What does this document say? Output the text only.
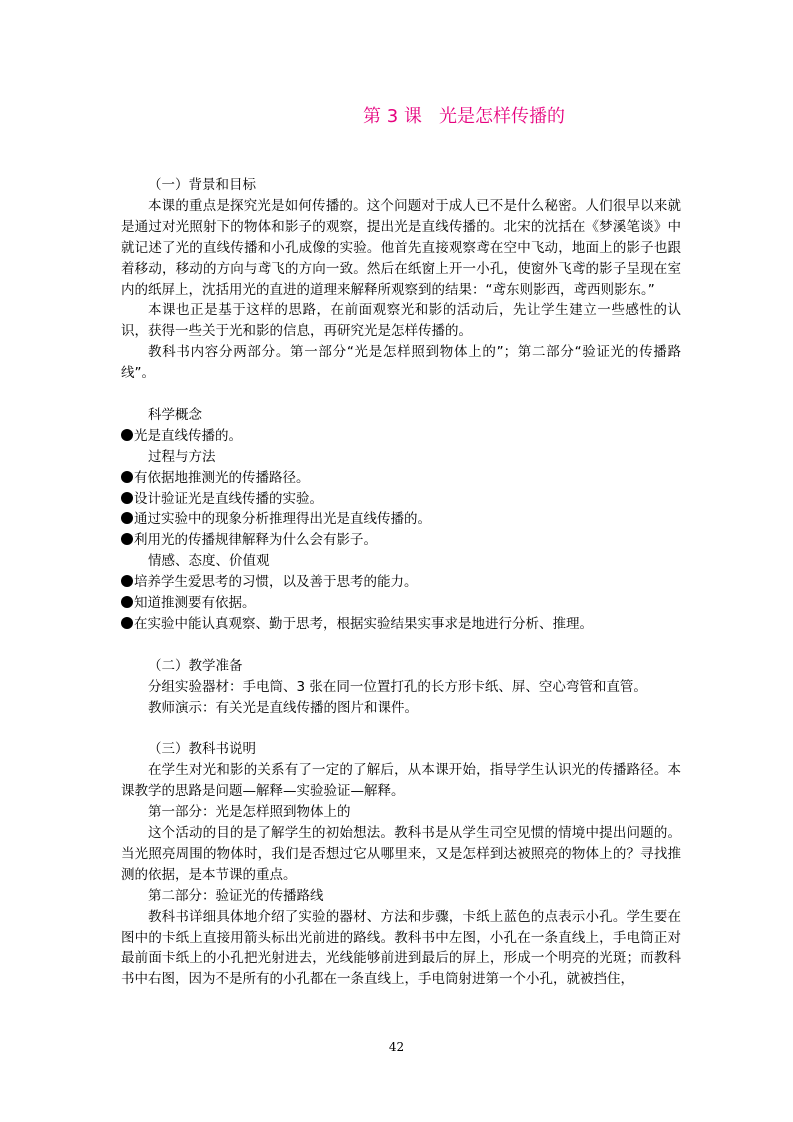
第 3 课   光是怎样传播的

（一）背景和目标

本课的重点是探究光是如何传播的。这个问题对于成人已不是什么秘密。人们很早以来就是通过对光照射下的物体和影子的观察，提出光是直线传播的。北宋的沈括在《梦溪笔谈》中就记述了光的直线传播和小孔成像的实验。他首先直接观察鸢在空中飞动，地面上的影子也跟着移动，移动的方向与鸢飞的方向一致。然后在纸窗上开一小孔，使窗外飞鸢的影子呈现在室内的纸屏上，沈括用光的直进的道理来解释所观察到的结果：“鸢东则影西，鸢西则影东。”

本课也正是基于这样的思路，在前面观察光和影的活动后，先让学生建立一些感性的认识，获得一些关于光和影的信息，再研究光是怎样传播的。

教科书内容分两部分。第一部分“光是怎样照到物体上的”；第二部分“验证光的传播路线”。

科学概念

光是直线传播的。

过程与方法

有依据地推测光的传播路径。

设计验证光是直线传播的实验。

通过实验中的现象分析推理得出光是直线传播的。

利用光的传播规律解释为什么会有影子。

情感、态度、价值观

培养学生爱思考的习惯，以及善于思考的能力。

知道推测要有依据。

在实验中能认真观察、勤于思考，根据实验结果实事求是地进行分析、推理。

（二）教学准备

分组实验器材：手电筒、3 张在同一位置打孔的长方形卡纸、屏、空心弯管和直管。

教师演示：有关光是直线传播的图片和课件。

（三）教科书说明

在学生对光和影的关系有了一定的了解后，从本课开始，指导学生认识光的传播路径。本课教学的思路是问题—解释—实验验证—解释。

第一部分：光是怎样照到物体上的

这个活动的目的是了解学生的初始想法。教科书是从学生司空见惯的情境中提出问题的。当光照亮周围的物体时，我们是否想过它从哪里来，又是怎样到达被照亮的物体上的？寻找推测的依据，是本节课的重点。

第二部分：验证光的传播路线

教科书详细具体地介绍了实验的器材、方法和步骤，卡纸上蓝色的点表示小孔。学生要在图中的卡纸上直接用箭头标出光前进的路线。教科书中左图，小孔在一条直线上，手电筒正对最前面卡纸上的小孔把光射进去，光线能够前进到最后的屏上，形成一个明亮的光斑；而教科书中右图，因为不是所有的小孔都在一条直线上，手电筒射进第一个小孔，就被挡住，

42
